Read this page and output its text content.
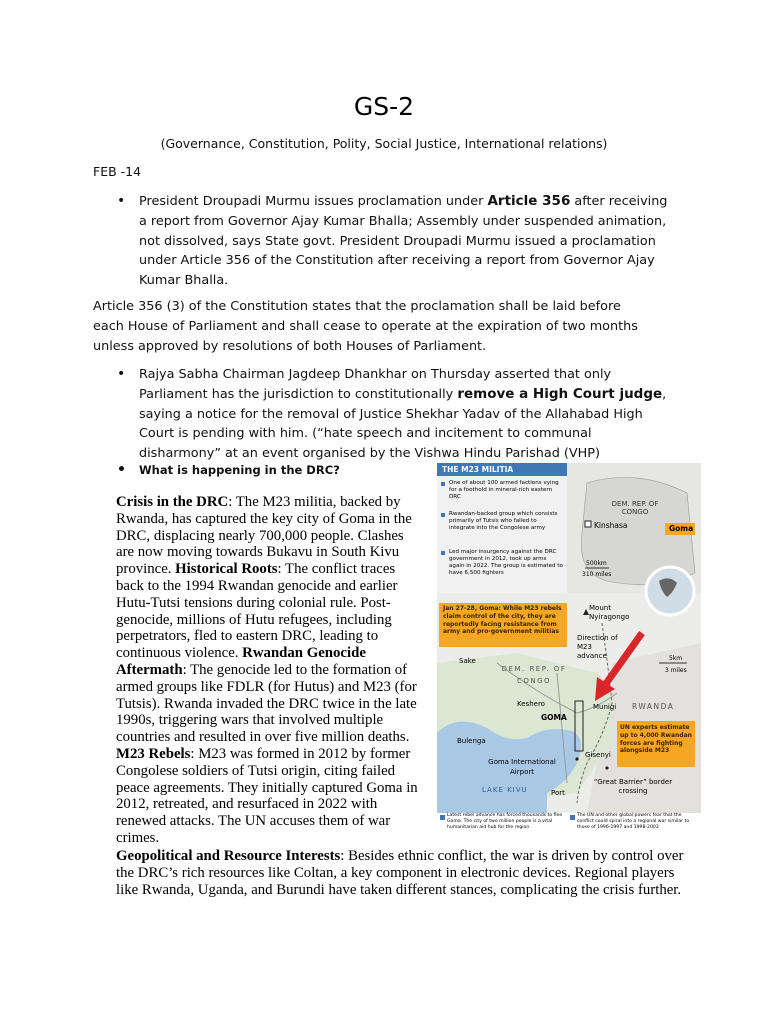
GS-2
(Governance, Constitution, Polity, Social Justice, International relations)
FEB -14
• President Droupadi Murmu issues proclamation under Article 356 after receiving a report from Governor Ajay Kumar Bhalla; Assembly under suspended animation, not dissolved, says State govt. President Droupadi Murmu issued a proclamation under Article 356 of the Constitution after receiving a report from Governor Ajay Kumar Bhalla.
Article 356 (3) of the Constitution states that the proclamation shall be laid before each House of Parliament and shall cease to operate at the expiration of two months unless approved by resolutions of both Houses of Parliament.
• Rajya Sabha Chairman Jagdeep Dhankhar on Thursday asserted that only Parliament has the jurisdiction to constitutionally remove a High Court judge, saying a notice for the removal of Justice Shekhar Yadav of the Allahabad High Court is pending with him. (“hate speech and incitement to communal disharmony” at an event organised by the Vishwa Hindu Parishad (VHP)
• What is happening in the DRC?
Crisis in the DRC: The M23 militia, backed by Rwanda, has captured the key city of Goma in the DRC, displacing nearly 700,000 people. Clashes are now moving towards Bukavu in South Kivu province. Historical Roots: The conflict traces back to the 1994 Rwandan genocide and earlier Hutu-Tutsi tensions during colonial rule. Post-genocide, millions of Hutu refugees, including perpetrators, fled to eastern DRC, leading to continuous violence. Rwandan Genocide Aftermath: The genocide led to the formation of armed groups like FDLR (for Hutus) and M23 (for Tutsis). Rwanda invaded the DRC twice in the late 1990s, triggering wars that involved multiple countries and resulted in over five million deaths. M23 Rebels: M23 was formed in 2012 by former Congolese soldiers of Tutsi origin, citing failed peace agreements. They initially captured Goma in 2012, retreated, and resurfaced in 2022 with renewed attacks. The UN accuses them of war crimes.
Geopolitical and Resource Interests: Besides ethnic conflict, the war is driven by control over the DRC’s rich resources like Coltan, a key component in electronic devices. Regional players like Rwanda, Uganda, and Burundi have taken different stances, complicating the crisis further.
THE M23 MILITIA
One of about 100 armed factions vying for a foothold in mineral-rich eastern DRC
Rwandan-backed group which consists primarily of Tutsis who failed to integrate into the Congolese army
Led major insurgency against the DRC government in 2012, took up arms again in 2022. The group is estimated to have 6,500 fighters
DEM. REP. OF CONGO
Kinshasa	Goma
500km
310 miles
Jan 27-28, Goma: While M23 rebels claim control of the city, they are reportedly facing resistance from army and pro-government militias
Mount Nyiragongo
Direction of M23 advance	5km
3 miles
Sake
DEM. REP. OF CONGO
Keshero
GOMA
Munigi RWANDA
UN experts estimate up to 4,000 Rwandan forces are fighting alongside M23
Bulenga
Gisenyi
Goma International Airport
“Great Barrier” border crossing
LAKE KIVU	Port
Latest rebel advance has forced thousands to flee Goma. The city of two million people is a vital humanitarian aid hub for the region
The UN and other global powers fear that the conflict could spiral into a regional war similar to those of 1996-1997 and 1998-2003
